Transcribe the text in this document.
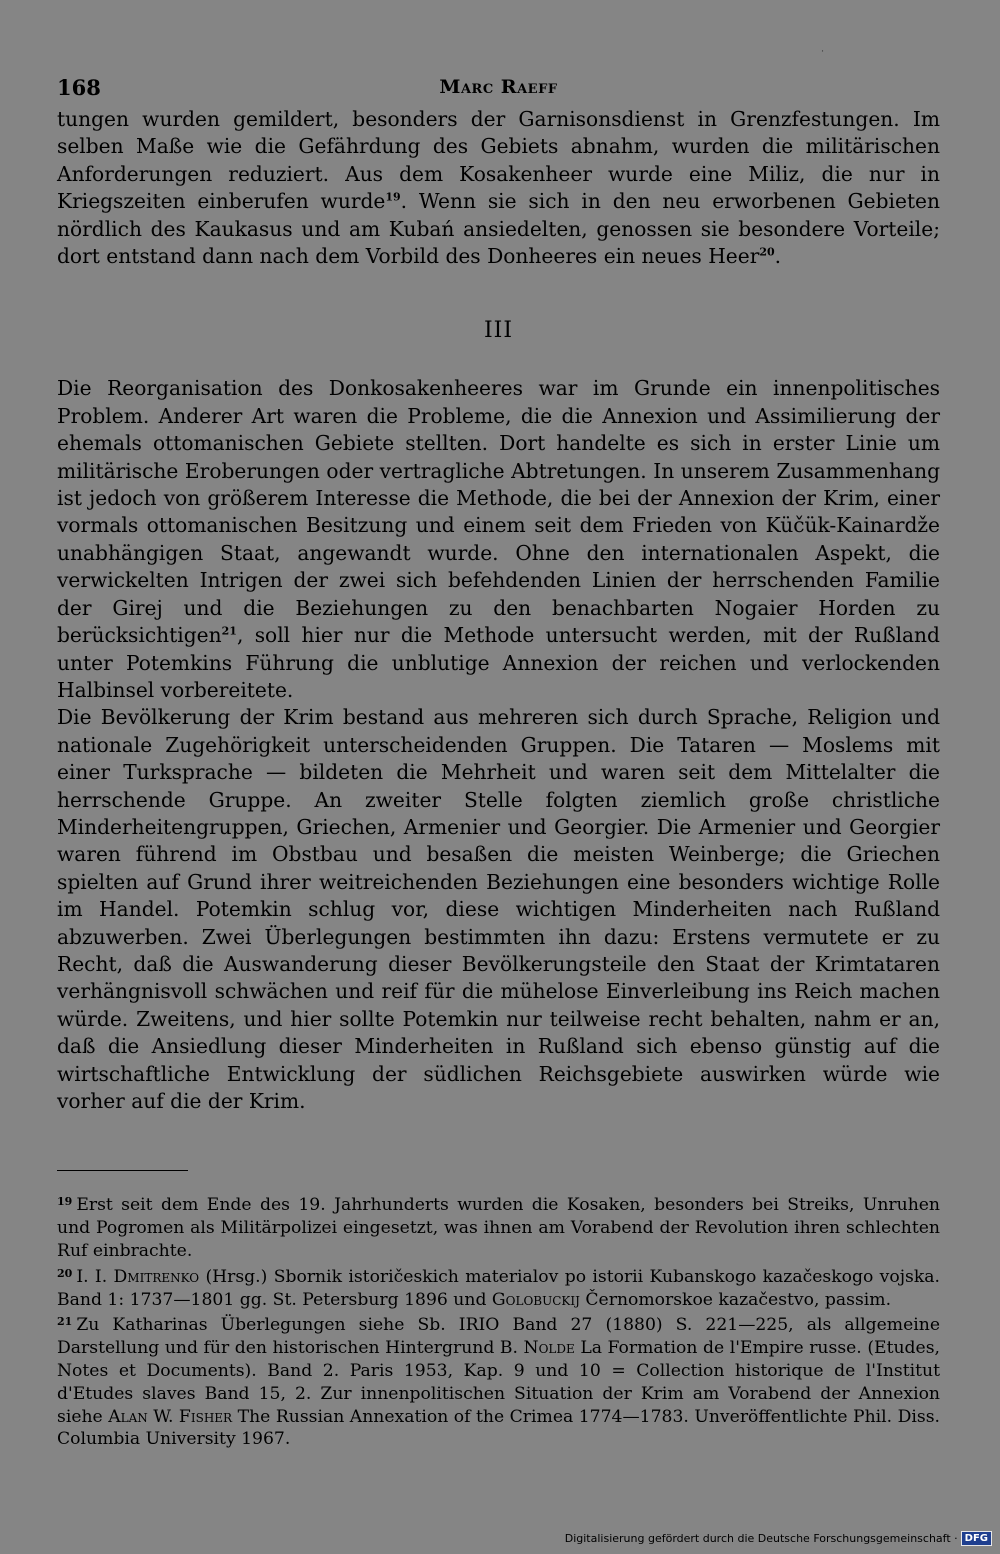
·
168	Marc Raeff

tungen wurden gemildert, besonders der Garnisonsdienst in Grenzfestungen. Im selben Maße wie die Gefährdung des Gebiets abnahm, wurden die militärischen Anforderungen reduziert. Aus dem Kosakenheer wurde eine Miliz, die nur in Kriegszeiten einberufen wurde$^{19}$. Wenn sie sich in den neu erworbenen Gebieten nördlich des Kaukasus und am Kubań ansiedelten, genossen sie besondere Vorteile; dort entstand dann nach dem Vorbild des Donheeres ein neues Heer$^{20}$.

III

Die Reorganisation des Donkosakenheeres war im Grunde ein innenpolitisches Problem. Anderer Art waren die Probleme, die die Annexion und Assimilierung der ehemals ottomanischen Gebiete stellten. Dort handelte es sich in erster Linie um militärische Eroberungen oder vertragliche Abtretungen. In unserem Zusammenhang ist jedoch von größerem Interesse die Methode, die bei der Annexion der Krim, einer vormals ottomanischen Besitzung und einem seit dem Frieden von Küčük-Kainardže unabhängigen Staat, angewandt wurde. Ohne den internationalen Aspekt, die verwickelten Intrigen der zwei sich befehdenden Linien der herrschenden Familie der Girej und die Beziehungen zu den benachbarten Nogaier Horden zu berücksichtigen$^{21}$, soll hier nur die Methode untersucht werden, mit der Rußland unter Potemkins Führung die unblutige Annexion der reichen und verlockenden Halbinsel vorbereitete.

Die Bevölkerung der Krim bestand aus mehreren sich durch Sprache, Religion und nationale Zugehörigkeit unterscheidenden Gruppen. Die Tataren — Moslems mit einer Turksprache — bildeten die Mehrheit und waren seit dem Mittelalter die herrschende Gruppe. An zweiter Stelle folgten ziemlich große christliche Minderheitengruppen, Griechen, Armenier und Georgier. Die Armenier und Georgier waren führend im Obstbau und besaßen die meisten Weinberge; die Griechen spielten auf Grund ihrer weitreichenden Beziehungen eine besonders wichtige Rolle im Handel. Potemkin schlug vor, diese wichtigen Minderheiten nach Rußland abzuwerben. Zwei Überlegungen bestimmten ihn dazu: Erstens vermutete er zu Recht, daß die Auswanderung dieser Bevölkerungsteile den Staat der Krimtataren verhängnisvoll schwächen und reif für die mühelose Einverleibung ins Reich machen würde. Zweitens, und hier sollte Potemkin nur teilweise recht behalten, nahm er an, daß die Ansiedlung dieser Minderheiten in Rußland sich ebenso günstig auf die wirtschaftliche Entwicklung der südlichen Reichsgebiete auswirken würde wie vorher auf die der Krim.

$^{19}$ Erst seit dem Ende des 19. Jahrhunderts wurden die Kosaken, besonders bei Streiks, Unruhen und Pogromen als Militärpolizei eingesetzt, was ihnen am Vorabend der Revolution ihren schlechten Ruf einbrachte.

$^{20}$ I. I. Dmitrenko (Hrsg.) Sbornik istoričeskich materialov po istorii Kubanskogo kazačeskogo vojska. Band 1: 1737—1801 gg. St. Petersburg 1896 und Golobuckij Černomorskoe kazačestvo, passim.

$^{21}$ Zu Katharinas Überlegungen siehe Sb. IRIO Band 27 (1880) S. 221—225, als allgemeine Darstellung und für den historischen Hintergrund B. Nolde La Formation de l'Empire russe. (Etudes, Notes et Documents). Band 2. Paris 1953, Kap. 9 und 10 = Collection historique de l'Institut d'Etudes slaves Band 15, 2. Zur innenpolitischen Situation der Krim am Vorabend der Annexion siehe Alan W. Fisher The Russian Annexation of the Crimea 1774—1783. Unveröffentlichte Phil. Diss. Columbia University 1967.

Digitalisierung gefördert durch die Deutsche Forschungsgemeinschaft · DFG
